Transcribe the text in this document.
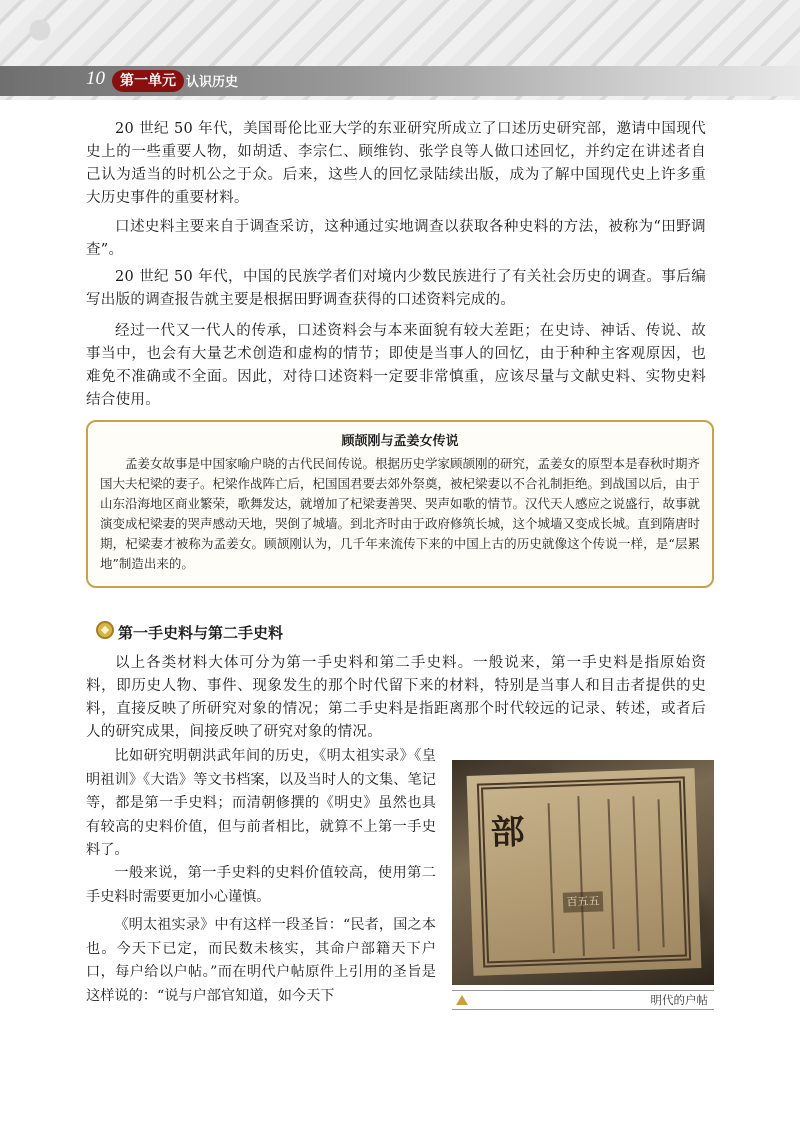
10	第一单元 认识历史

20 世纪 50 年代，美国哥伦比亚大学的东亚研究所成立了口述历史研究部，邀请中国现代史上的一些重要人物，如胡适、李宗仁、顾维钧、张学良等人做口述回忆，并约定在讲述者自己认为适当的时机公之于众。后来，这些人的回忆录陆续出版，成为了解中国现代史上许多重大历史事件的重要材料。

口述史料主要来自于调查采访，这种通过实地调查以获取各种史料的方法，被称为“田野调查”。

20 世纪 50 年代，中国的民族学者们对境内少数民族进行了有关社会历史的调查。事后编写出版的调查报告就主要是根据田野调查获得的口述资料完成的。

经过一代又一代人的传承，口述资料会与本来面貌有较大差距；在史诗、神话、传说、故事当中，也会有大量艺术创造和虚构的情节；即使是当事人的回忆，由于种种主客观原因，也难免不准确或不全面。因此，对待口述资料一定要非常慎重，应该尽量与文献史料、实物史料结合使用。

顾颉刚与孟姜女传说

孟姜女故事是中国家喻户晓的古代民间传说。根据历史学家顾颉刚的研究，孟姜女的原型本是春秋时期齐国大夫杞梁的妻子。杞梁作战阵亡后，杞国国君要去郊外祭奠，被杞梁妻以不合礼制拒绝。到战国以后，由于山东沿海地区商业繁荣，歌舞发达，就增加了杞梁妻善哭、哭声如歌的情节。汉代天人感应之说盛行，故事就演变成杞梁妻的哭声感动天地，哭倒了城墙。到北齐时由于政府修筑长城，这个城墙又变成长城。直到隋唐时期，杞梁妻才被称为孟姜女。顾颉刚认为，几千年来流传下来的中国上古的历史就像这个传说一样，是“层累地”制造出来的。

第一手史料与第二手史料

以上各类材料大体可分为第一手史料和第二手史料。一般说来，第一手史料是指原始资料，即历史人物、事件、现象发生的那个时代留下来的材料，特别是当事人和目击者提供的史料，直接反映了所研究对象的情况；第二手史料是指距离那个时代较远的记录、转述，或者后人的研究成果，间接反映了研究对象的情况。

比如研究明朝洪武年间的历史，《明太祖实录》《皇明祖训》《大诰》等文书档案，以及当时人的文集、笔记等，都是第一手史料；而清朝修撰的《明史》虽然也具有较高的史料价值，但与前者相比，就算不上第一手史料了。

一般来说，第一手史料的史料价值较高，使用第二手史料时需要更加小心谨慎。

《明太祖实录》中有这样一段圣旨：“民者，国之本也。今天下已定，而民数未核实，其命户部籍天下户口，每户给以户帖。”而在明代户帖原件上引用的圣旨是这样说的：“说与户部官知道，如今天下

部
百五五
明代的户帖
